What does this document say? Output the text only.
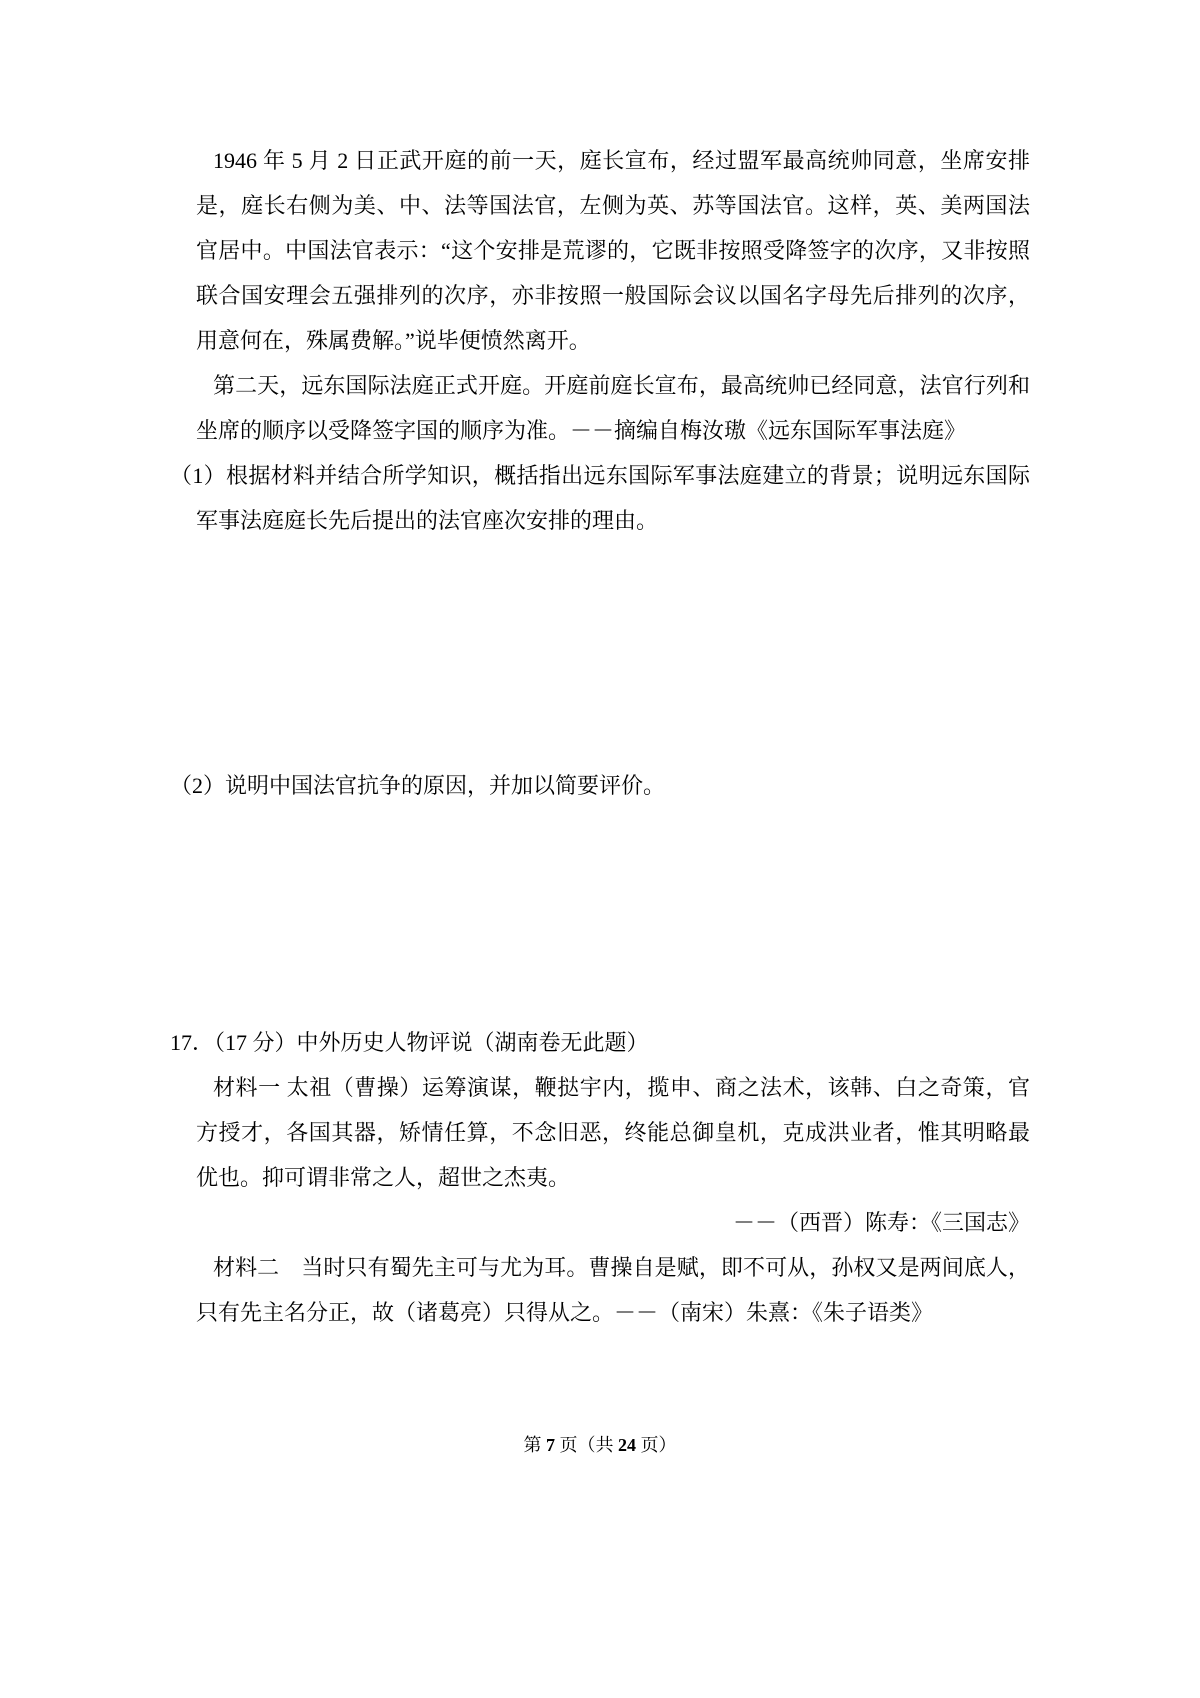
1946 年 5 月 2 日正武开庭的前一天，庭长宣布，经过盟军最高统帅同意，坐席安排是，庭长右侧为美、中、法等国法官，左侧为英、苏等国法官。这样，英、美两国法官居中。中国法官表示：“这个安排是荒谬的，它既非按照受降签字的次序，又非按照联合国安理会五强排列的次序，亦非按照一般国际会议以国名字母先后排列的次序，用意何在，殊属费解。”说毕便愤然离开。

第二天，远东国际法庭正式开庭。开庭前庭长宣布，最高统帅已经同意，法官行列和坐席的顺序以受降签字国的顺序为准。－－摘编自梅汝璈《远东国际军事法庭》

（1）根据材料并结合所学知识，概括指出远东国际军事法庭建立的背景；说明远东国际军事法庭庭长先后提出的法官座次安排的理由。

（2）说明中国法官抗争的原因，并加以简要评价。

17．（17 分）中外历史人物评说（湖南卷无此题）

材料一 太祖（曹操）运筹演谋，鞭挞宇内，揽申、商之法术，该韩、白之奇策，官方授才，各国其器，矫情任算，不念旧恶，终能总御皇机，克成洪业者，惟其明略最优也。抑可谓非常之人，超世之杰夷。

－－（西晋）陈寿：《三国志》

材料二　当时只有蜀先主可与尤为耳。曹操自是赋，即不可从，孙权又是两间底人，只有先主名分正，故（诸葛亮）只得从之。－－（南宋）朱熹：《朱子语类》

第 7 页（共 24 页）
